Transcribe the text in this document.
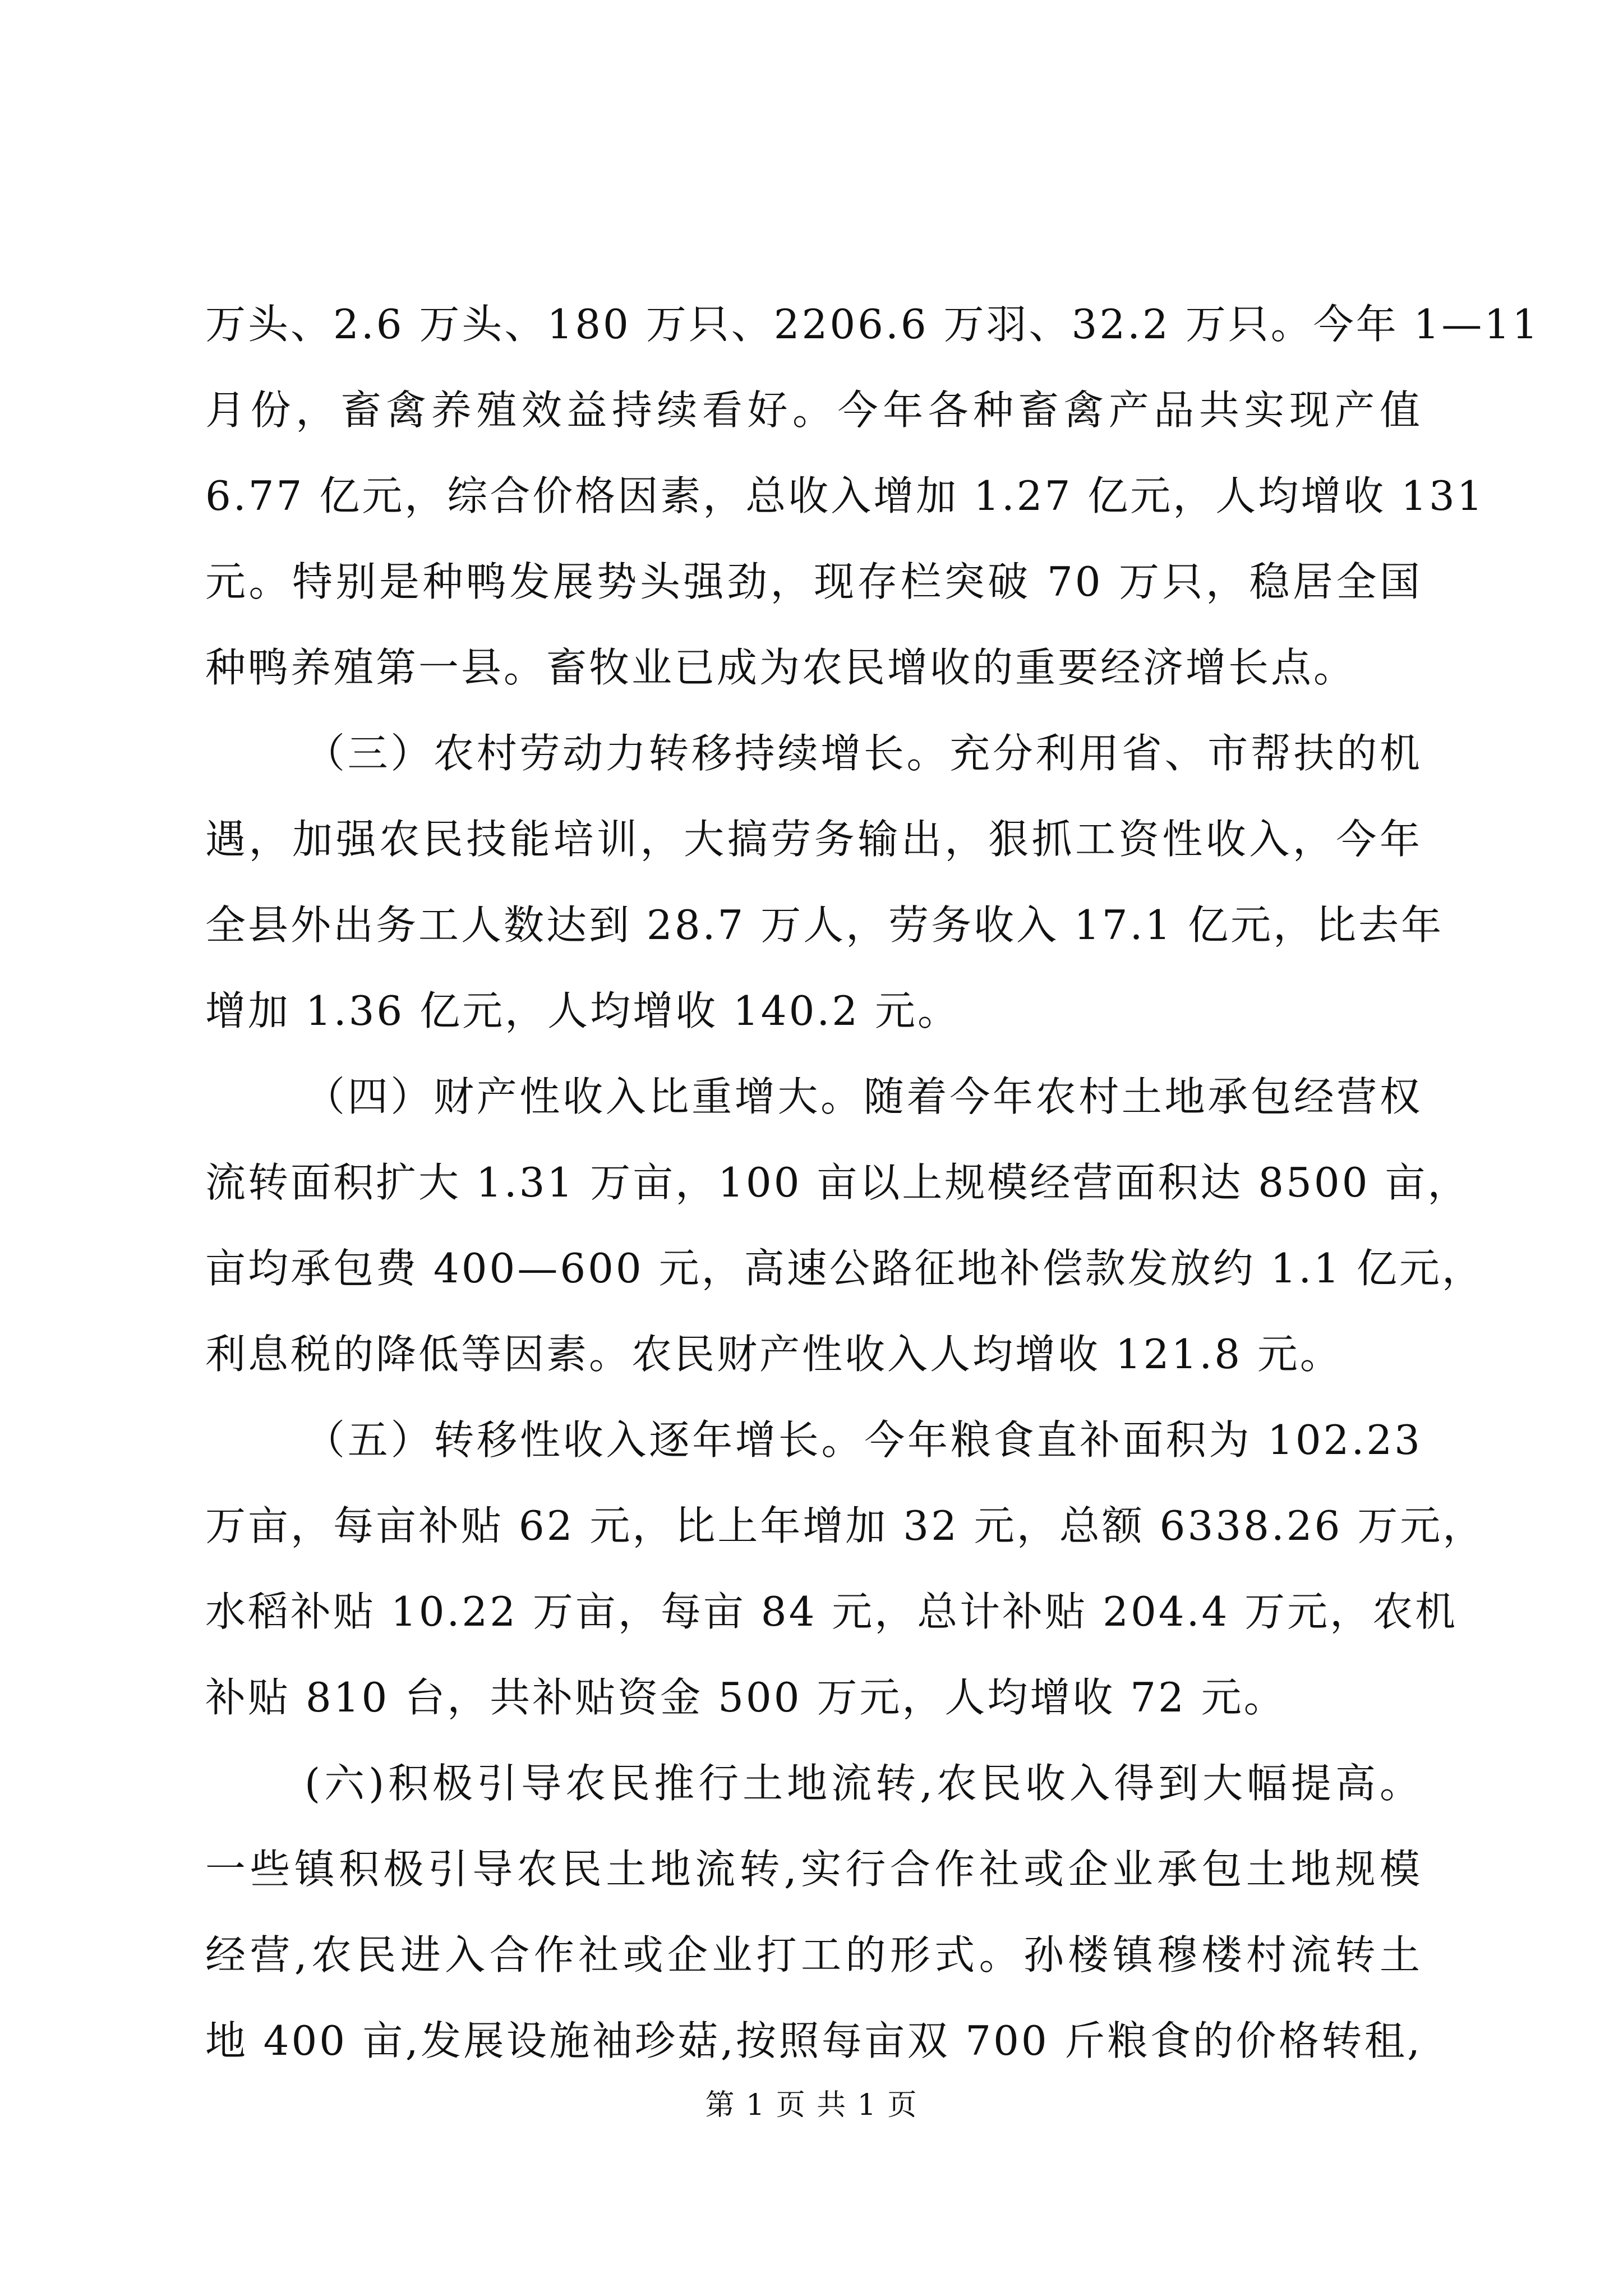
万头、2.6 万头、180 万只、2206.6 万羽、32.2 万只。今年 1—11
月份，畜禽养殖效益持续看好。今年各种畜禽产品共实现产值
6.77 亿元，综合价格因素，总收入增加 1.27 亿元，人均增收 131
元。特别是种鸭发展势头强劲，现存栏突破 70 万只，稳居全国
种鸭养殖第一县。畜牧业已成为农民增收的重要经济增长点。
（三）农村劳动力转移持续增长。充分利用省、市帮扶的机
遇，加强农民技能培训，大搞劳务输出，狠抓工资性收入，今年
全县外出务工人数达到 28.7 万人，劳务收入 17.1 亿元，比去年
增加 1.36 亿元，人均增收 140.2 元。
（四）财产性收入比重增大。随着今年农村土地承包经营权
流转面积扩大 1.31 万亩，100 亩以上规模经营面积达 8500 亩，
亩均承包费 400—600 元，高速公路征地补偿款发放约 1.1 亿元，
利息税的降低等因素。农民财产性收入人均增收 121.8 元。
（五）转移性收入逐年增长。今年粮食直补面积为 102.23
万亩，每亩补贴 62 元，比上年增加 32 元，总额 6338.26 万元，
水稻补贴 10.22 万亩，每亩 84 元，总计补贴 204.4 万元，农机
补贴 810 台，共补贴资金 500 万元，人均增收 72 元。
(六)积极引导农民推行土地流转,农民收入得到大幅提高。
一些镇积极引导农民土地流转,实行合作社或企业承包土地规模
经营,农民进入合作社或企业打工的形式。孙楼镇穆楼村流转土
地 400 亩,发展设施袖珍菇,按照每亩双 700 斤粮食的价格转租,
第 1 页 共 1 页
